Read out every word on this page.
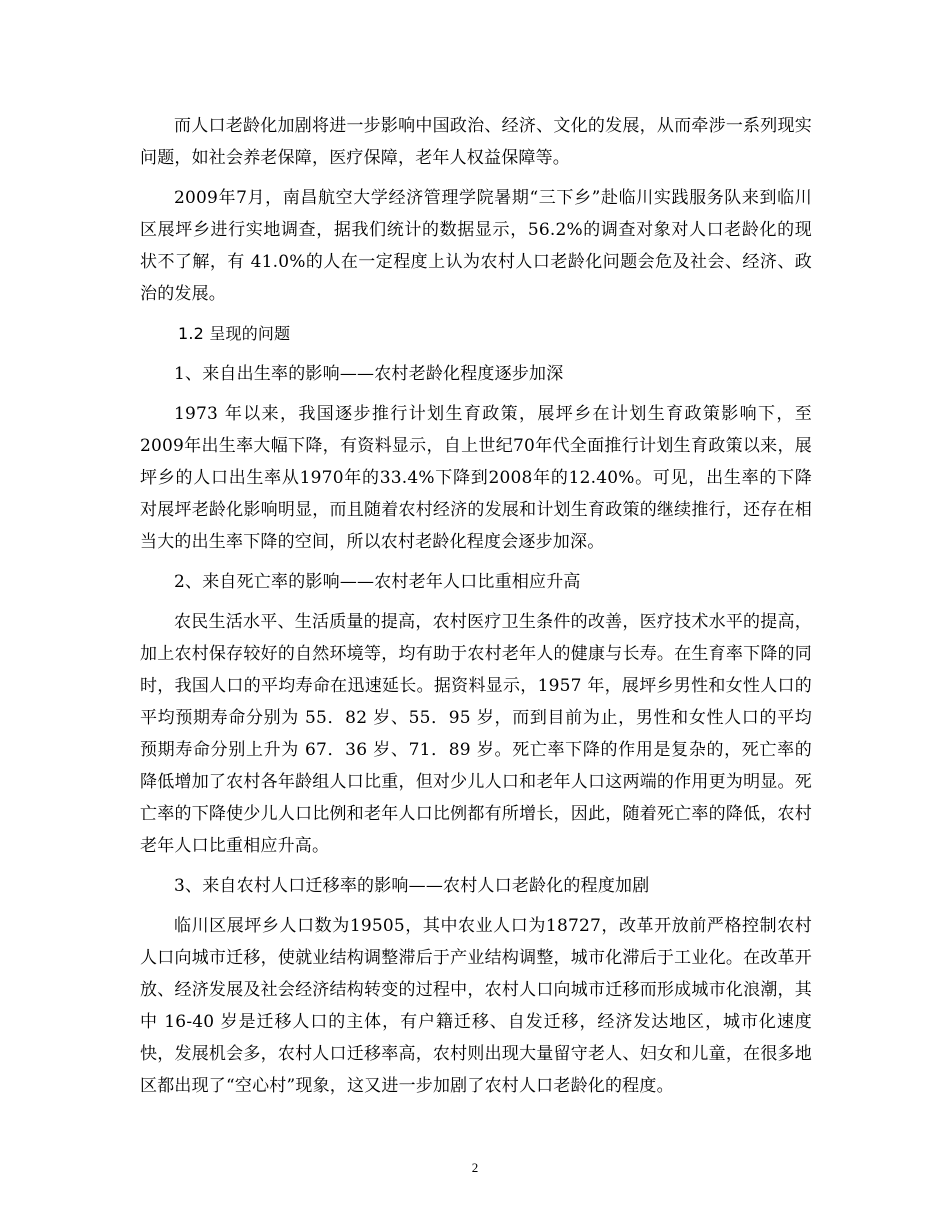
而人口老龄化加剧将进一步影响中国政治、经济、文化的发展，从而牵涉一系列现实问题，如社会养老保障，医疗保障，老年人权益保障等。

2009年7月，南昌航空大学经济管理学院暑期“三下乡”赴临川实践服务队来到临川区展坪乡进行实地调查，据我们统计的数据显示，56.2%的调查对象对人口老龄化的现状不了解，有 41.0%的人在一定程度上认为农村人口老龄化问题会危及社会、经济、政治的发展。

1.2 呈现的问题

1、来自出生率的影响——农村老龄化程度逐步加深

1973 年以来，我国逐步推行计划生育政策，展坪乡在计划生育政策影响下，至2009年出生率大幅下降，有资料显示，自上世纪70年代全面推行计划生育政策以来，展坪乡的人口出生率从1970年的33.4%下降到2008年的12.40%。可见，出生率的下降对展坪老龄化影响明显，而且随着农村经济的发展和计划生育政策的继续推行，还存在相当大的出生率下降的空间，所以农村老龄化程度会逐步加深。

2、来自死亡率的影响——农村老年人口比重相应升高

农民生活水平、生活质量的提高，农村医疗卫生条件的改善，医疗技术水平的提高，加上农村保存较好的自然环境等，均有助于农村老年人的健康与长寿。在生育率下降的同时，我国人口的平均寿命在迅速延长。据资料显示，1957 年，展坪乡男性和女性人口的平均预期寿命分别为 55．82 岁、55．95 岁，而到目前为止，男性和女性人口的平均预期寿命分别上升为 67．36 岁、71．89 岁。死亡率下降的作用是复杂的，死亡率的降低增加了农村各年龄组人口比重，但对少儿人口和老年人口这两端的作用更为明显。死亡率的下降使少儿人口比例和老年人口比例都有所增长，因此，随着死亡率的降低，农村老年人口比重相应升高。

3、来自农村人口迁移率的影响——农村人口老龄化的程度加剧

临川区展坪乡人口数为19505，其中农业人口为18727，改革开放前严格控制农村人口向城市迁移，使就业结构调整滞后于产业结构调整，城市化滞后于工业化。在改革开放、经济发展及社会经济结构转变的过程中，农村人口向城市迁移而形成城市化浪潮，其中 16-40 岁是迁移人口的主体，有户籍迁移、自发迁移，经济发达地区，城市化速度快，发展机会多，农村人口迁移率高，农村则出现大量留守老人、妇女和儿童，在很多地区都出现了“空心村”现象，这又进一步加剧了农村人口老龄化的程度。

2
